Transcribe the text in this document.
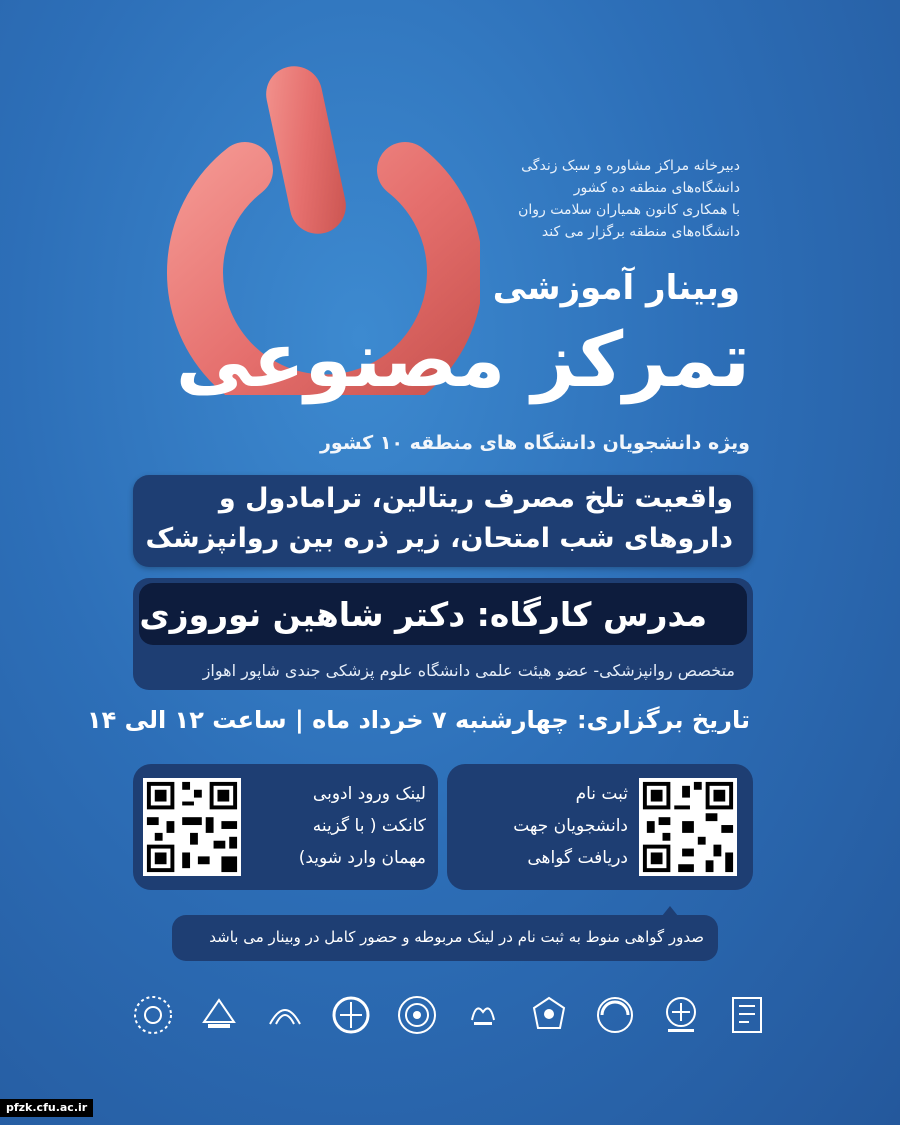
دبیرخانه مراکز مشاوره و سبک زندگی
دانشگاه‌های منطقه ده کشور
با همکاری کانون همیاران سلامت روان
دانشگاه‌های منطقه برگزار می کند
وبینار آموزشی
تمرکز مصنوعی
ویژه دانشجویان دانشگاه های منطقه ۱۰ کشور
واقعیت تلخ مصرف ریتالین، ترامادول و
داروهای شب امتحان، زیر ذره بین روانپزشک
مدرس کارگاه: دکتر شاهین نوروزی
متخصص روانپزشکی- عضو هیئت علمی دانشگاه علوم پزشکی جندی شاپور اهواز
تاریخ برگزاری: چهارشنبه ۷ خرداد ماه | ساعت ۱۲ الی ۱۴
لینک ورود ادوبی
کانکت ( با گزینه
مهمان وارد شوید)
ثبت نام
دانشجویان جهت
دریافت گواهی
صدور گواهی منوط به ثبت نام در لینک مربوطه و حضور کامل در وبینار می باشد
pfzk.cfu.ac.ir
